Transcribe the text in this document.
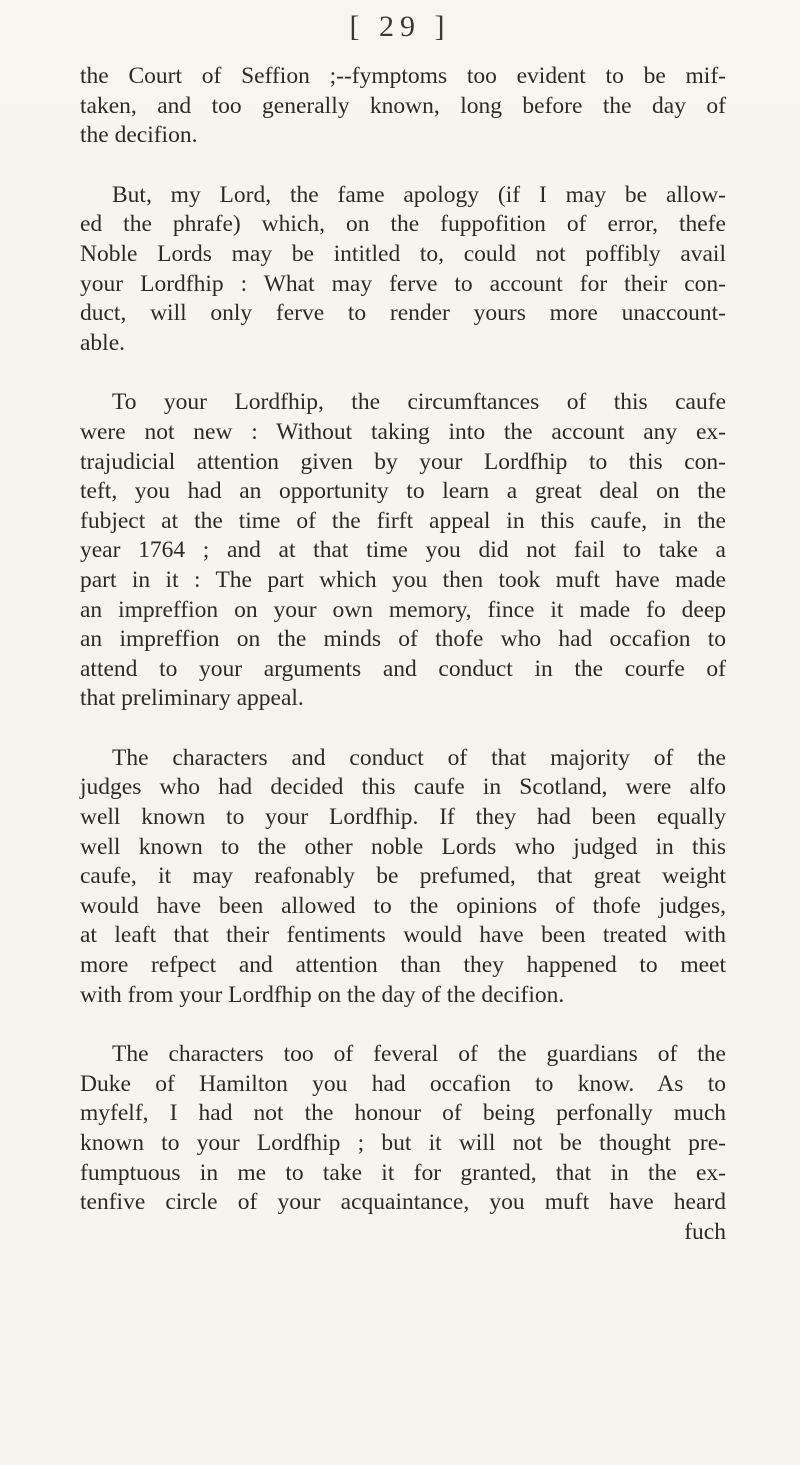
[ 29 ]
the Court of Seffion ;--fymptoms too evident to be mif-
taken, and too generally known, long before the day of
the decifion.
But, my Lord, the fame apology (if I may be allow-
ed the phrafe) which, on the fuppofition of error, thefe
Noble Lords may be intitled to, could not poffibly avail
your Lordfhip : What may ferve to account for their con-
duct, will only ferve to render yours more unaccount-
able.
To your Lordfhip, the circumftances of this caufe
were not new : Without taking into the account any ex-
trajudicial attention given by your Lordfhip to this con-
teft, you had an opportunity to learn a great deal on the
fubject at the time of the firft appeal in this caufe, in the
year 1764 ; and at that time you did not fail to take a
part in it : The part which you then took muft have made
an impreffion on your own memory, fince it made fo deep
an impreffion on the minds of thofe who had occafion to
attend to your arguments and conduct in the courfe of
that preliminary appeal.
The characters and conduct of that majority of the
judges who had decided this caufe in Scotland, were alfo
well known to your Lordfhip. If they had been equally
well known to the other noble Lords who judged in this
caufe, it may reafonably be prefumed, that great weight
would have been allowed to the opinions of thofe judges,
at leaft that their fentiments would have been treated with
more refpect and attention than they happened to meet
with from your Lordfhip on the day of the decifion.
The characters too of feveral of the guardians of the
Duke of Hamilton you had occafion to know. As to
myfelf, I had not the honour of being perfonally much
known to your Lordfhip ; but it will not be thought pre-
fumptuous in me to take it for granted, that in the ex-
tenfive circle of your acquaintance, you muft have heard
fuch
